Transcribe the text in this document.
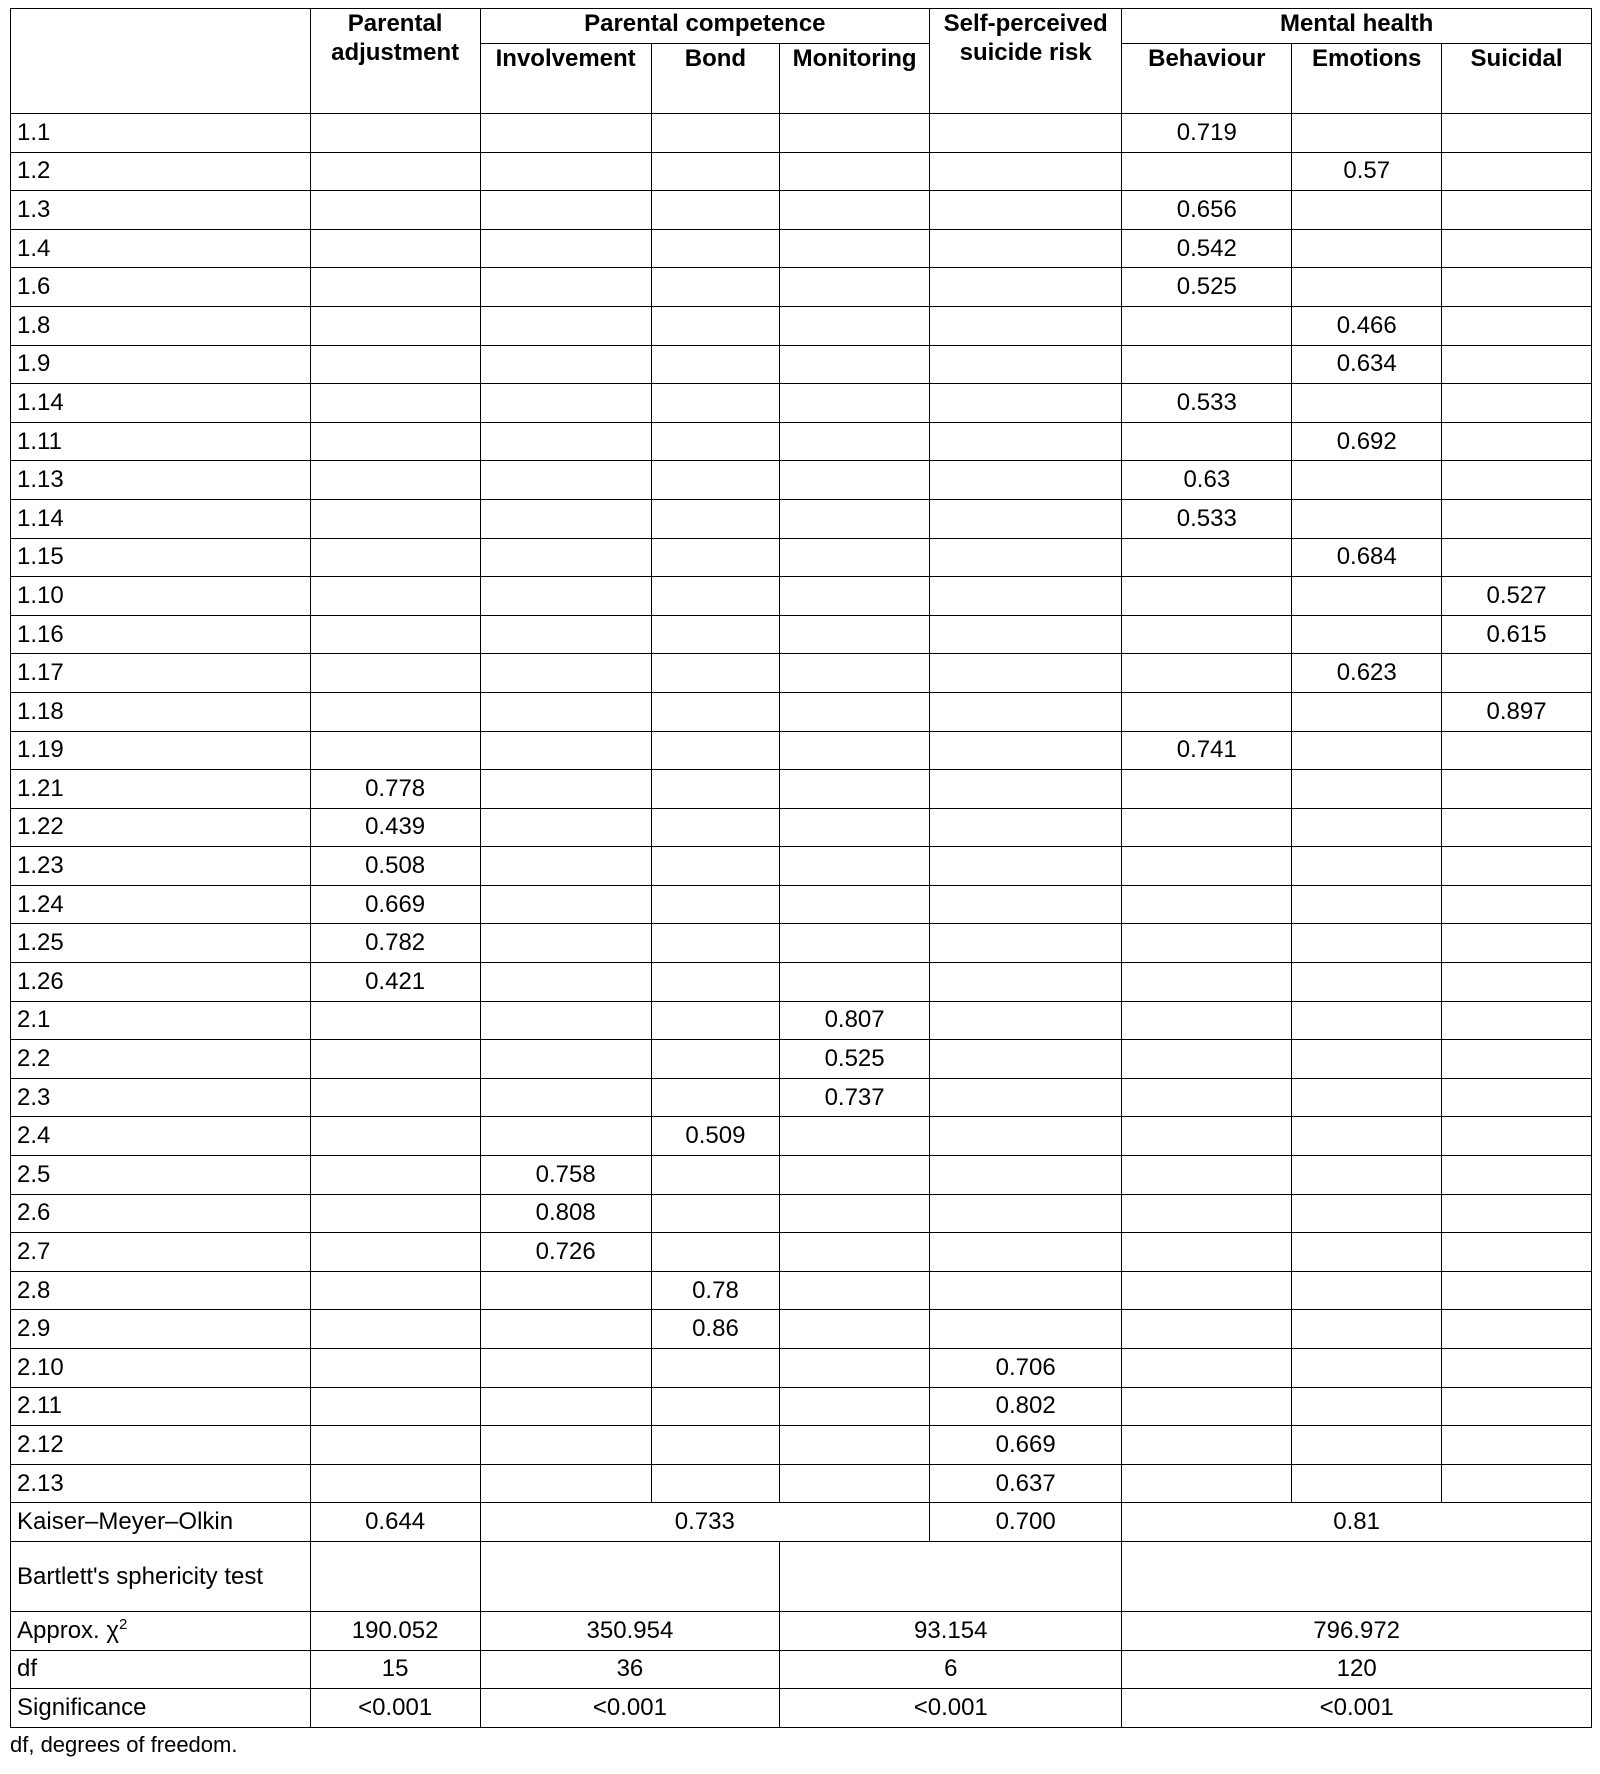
	Parental adjustment	Parental competence			Self-perceived suicide risk	Mental health		
		Involvement	Bond	Monitoring		Behaviour	Emotions	Suicidal
1.1						0.719		
1.2							0.57	
1.3						0.656		
1.4						0.542		
1.6						0.525		
1.8							0.466	
1.9							0.634	
1.14						0.533		
1.11							0.692	
1.13						0.63		
1.14						0.533		
1.15							0.684	
1.10								0.527
1.16								0.615
1.17							0.623	
1.18								0.897
1.19						0.741		
1.21	0.778							
1.22	0.439							
1.23	0.508							
1.24	0.669							
1.25	0.782							
1.26	0.421							
2.1				0.807				
2.2				0.525				
2.3				0.737				
2.4			0.509					
2.5		0.758						
2.6		0.808						
2.7		0.726						
2.8			0.78					
2.9			0.86					
2.10					0.706			
2.11					0.802			
2.12					0.669			
2.13					0.637			
Kaiser–Meyer–Olkin	0.644	0.733			0.700	0.81		
Bartlett's sphericity test								
Approx. $\chi^2$	190.052	350.954		93.154		796.972		
df	15	36		6		120		
Significance	<0.001	<0.001		<0.001		<0.001		
df, degrees of freedom.
